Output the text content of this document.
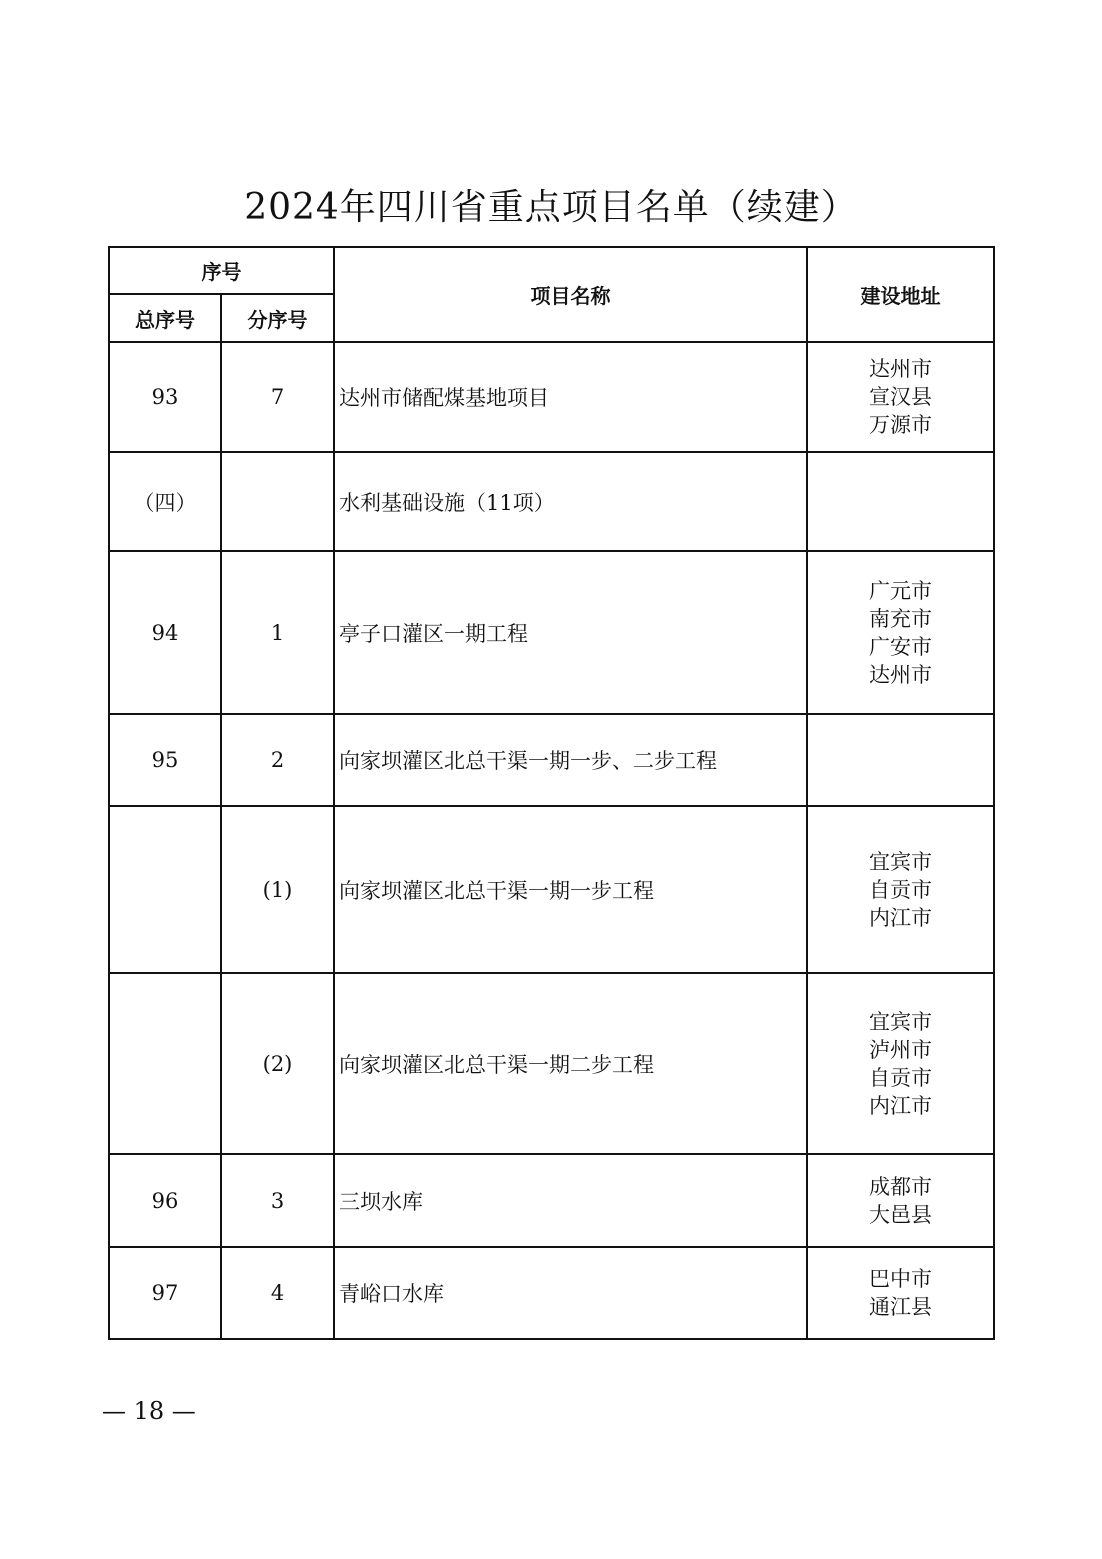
2024年四川省重点项目名单（续建）
序号		项目名称	建设地址
总序号	分序号		
93	7	达州市储配煤基地项目	达州市
宣汉县
万源市

（四）		水利基础设施（11项）	
94	1	亭子口灌区一期工程	广元市
南充市
广安市
达州市

95	2	向家坝灌区北总干渠一期一步、二步工程	
	(1)	向家坝灌区北总干渠一期一步工程	宜宾市
自贡市
内江市

	(2)	向家坝灌区北总干渠一期二步工程	宜宾市
泸州市
自贡市
内江市

96	3	三坝水库	成都市
大邑县

97	4	青峪口水库	巴中市
通江县
— 18 —
